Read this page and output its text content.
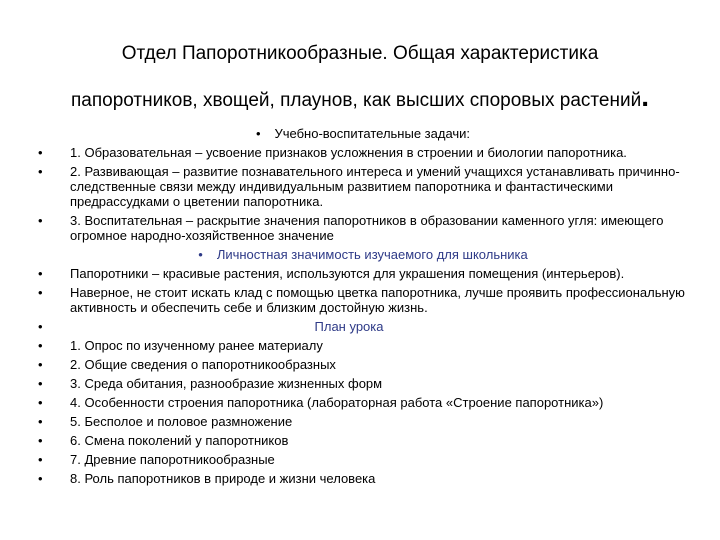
Отдел Папоротникообразные. Общая характеристика
папоротников, хвощей, плаунов, как высших споровых растений.
• Учебно-воспитательные задачи:
• 1. Образовательная – усвоение признаков усложнения в строении и биологии папоротника.
• 2. Развивающая – развитие познавательного интереса и умений учащихся устанавливать причинно-следственные связи между индивидуальным развитием папоротника и фантастическими предрассудками о цветении папоротника.
• 3. Воспитательная – раскрытие значения папоротников в образовании каменного угля: имеющего огромное народно-хозяйственное значение
• Личностная значимость изучаемого для школьника
• Папоротники – красивые растения, используются для украшения помещения (интерьеров).
• Наверное, не стоит искать клад с помощью цветка папоротника, лучше проявить профессиональную активность и обеспечить себе и близким достойную жизнь.
•	План урока
• 1. Опрос по изученному ранее материалу
• 2. Общие сведения о папоротникообразных
• 3. Среда обитания, разнообразие жизненных форм
• 4. Особенности строения папоротника (лабораторная работа «Строение папоротника»)
• 5. Бесполое и половое размножение
• 6. Смена поколений у папоротников
• 7. Древние папоротникообразные
• 8. Роль папоротников в природе и жизни человека
